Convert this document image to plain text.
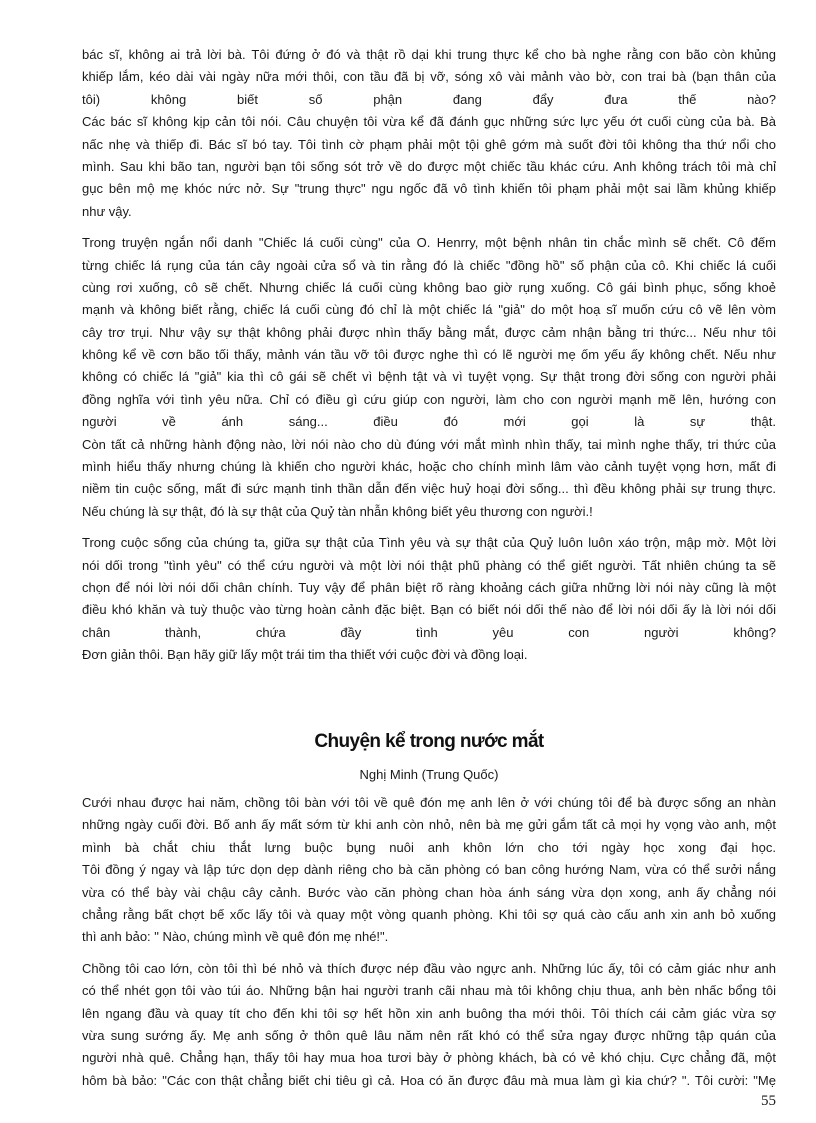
bác sĩ, không ai trả lời bà. Tôi đứng ở đó và thật rồ dại khi trung thực kể cho bà nghe rằng con bão còn khủng
khiếp lắm, kéo dài vài ngày nữa mới thôi, con tầu đã bị vỡ, sóng xô vài mảnh vào bờ, con trai bà (bạn thân của
tôi) không biết số phận đang đẩy đưa thế nào?
Các bác sĩ không kịp cản tôi nói. Câu chuyện tôi vừa kể đã đánh gục những sức lực yếu ớt cuối cùng của bà. Bà
nấc nhẹ và thiếp đi. Bác sĩ bó tay. Tôi tình cờ phạm phải một tội ghê gớm mà suốt đời tôi không tha thứ nổi cho
mình. Sau khi bão tan, người bạn tôi sống sót trở về do được một chiếc tầu khác cứu. Anh không trách tôi mà chỉ
gục bên mộ mẹ khóc nức nở. Sự "trung thực" ngu ngốc đã vô tình khiến tôi phạm phải một sai lầm khủng khiếp
như vậy.
Trong truyện ngắn nổi danh "Chiếc lá cuối cùng" của O. Henrry, một bệnh nhân tin chắc mình sẽ chết. Cô đếm
từng chiếc lá rụng của tán cây ngoài cửa sổ và tin rằng đó là chiếc "đồng hồ" số phận của cô. Khi chiếc lá cuối
cùng rơi xuống, cô sẽ chết. Nhưng chiếc lá cuối cùng không bao giờ rụng xuống. Cô gái bình phục, sống khoẻ
mạnh và không biết rằng, chiếc lá cuối cùng đó chỉ là một chiếc lá "giả" do một hoạ sĩ muốn cứu cô vẽ lên vòm
cây trơ trụi. Như vậy sự thật không phải được nhìn thấy bằng mắt, được cảm nhận bằng tri thức... Nếu như tôi
không kể về cơn bão tối thấy, mảnh ván tầu vỡ tôi được nghe thì có lẽ người mẹ ốm yếu ấy không chết. Nếu như
không có chiếc lá "giả" kia thì cô gái sẽ chết vì bệnh tật và vì tuyệt vọng. Sự thật trong đời sống con người phải
đồng nghĩa với tình yêu nữa. Chỉ có điều gì cứu giúp con người, làm cho con người mạnh mẽ lên, hướng con
người về ánh sáng... điều đó mới gọi là sự thật.
Còn tất cả những hành động nào, lời nói nào cho dù đúng với mắt mình nhìn thấy, tai mình nghe thấy, tri thức của
mình hiểu thấy nhưng chúng là khiến cho người khác, hoặc cho chính mình lâm vào cảnh tuyệt vọng hơn, mất đi
niềm tin cuộc sống, mất đi sức mạnh tinh thần dẫn đến việc huỷ hoại đời sống... thì đều không phải sự trung thực.
Nếu chúng là sự thật, đó là sự thật của Quỷ tàn nhẫn không biết yêu thương con người.!
Trong cuộc sống của chúng ta, giữa sự thật của Tình yêu và sự thật của Quỷ luôn luôn xáo trộn, mập mờ. Một lời
nói dối trong "tình yêu" có thể cứu người và một lời nói thật phũ phàng có thể giết người. Tất nhiên chúng ta sẽ
chọn để nói lời nói dối chân chính. Tuy vậy để phân biệt rõ ràng khoảng cách giữa những lời nói này cũng là một
điều khó khăn và tuỳ thuộc vào từng hoàn cảnh đặc biệt. Bạn có biết nói dối thế nào để lời nói dối ấy là lời nói dối
chân thành, chứa đầy tình yêu con người không?
Đơn giản thôi. Bạn hãy giữ lấy một trái tim tha thiết với cuộc đời và đồng loại.
Chuyện kể trong nước mắt
Nghị Minh (Trung Quốc)
Cưới nhau được hai năm, chồng tôi bàn với tôi về quê đón mẹ anh lên ở với chúng tôi để bà được sống an nhàn
những ngày cuối đời. Bố anh ấy mất sớm từ khi anh còn nhỏ, nên bà mẹ gửi gắm tất cả mọi hy vọng vào anh, một
mình bà chắt chiu thắt lưng buộc bụng nuôi anh khôn lớn cho tới ngày học xong đại học.
Tôi đồng ý ngay và lập tức dọn dẹp dành riêng cho bà căn phòng có ban công hướng Nam, vừa có thể sưởi nắng
vừa có thể bày vài chậu cây cảnh. Bước vào căn phòng chan hòa ánh sáng vừa dọn xong, anh ấy chẳng nói
chẳng rằng bất chợt bế xốc lấy tôi và quay một vòng quanh phòng. Khi tôi sợ quá cào cấu anh xin anh bỏ xuống
thì anh bảo: " Nào, chúng mình về quê đón mẹ nhé!".
Chồng tôi cao lớn, còn tôi thì bé nhỏ và thích được nép đầu vào ngực anh. Những lúc ấy, tôi có cảm giác như anh
có thể nhét gọn tôi vào túi áo. Những bận hai người tranh cãi nhau mà tôi không chịu thua, anh bèn nhấc bổng tôi
lên ngang đầu và quay tít cho đến khi tôi sợ hết hồn xin anh buông tha mới thôi. Tôi thích cái cảm giác vừa sợ
vừa sung sướng ấy. Mẹ anh sống ở thôn quê lâu năm nên rất khó có thể sửa ngay được những tập quán của
người nhà quê. Chẳng hạn, thấy tôi hay mua hoa tươi bày ở phòng khách, bà có vẻ khó chịu. Cực chẳng đã, một
hôm bà bảo: "Các con thật chẳng biết chi tiêu gì cả. Hoa có ăn được đâu mà mua làm gì kia chứ? ". Tôi cười: "Mẹ
55
